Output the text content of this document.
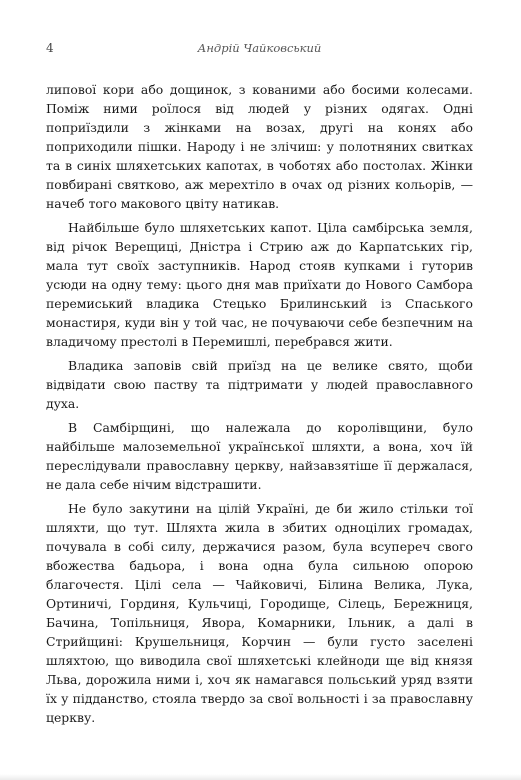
4	Андрій Чайковський

липової кори або дощинок, з кованими або босими колесами. Поміж ними роїлося від людей у різних одягах. Одні поприїздили з жінками на возах, другі на конях або поприходили пішки. Народу і не злічиш: у полотняних свитках та в синіх шляхетських капотах, в чоботях або постолах. Жінки повбирані святково, аж мерехтіло в очах од різних кольорів, — начеб того макового цвіту натикав.

Найбільше було шляхетських капот. Ціла самбірська земля, від річок Верещиці, Дністра і Стрию аж до Карпатських гір, мала тут своїх заступників. Народ стояв купками і гуторив усюди на одну тему: цього дня мав приїхати до Нового Самбора перемиський владика Стецько Брилинський із Спаського монастиря, куди він у той час, не почуваючи себе безпечним на владичому престолі в Перемишлі, перебрався жити.

Владика заповів свій приїзд на це велике свято, щоби відвідати свою паству та підтримати у людей православного духа.

В Самбірщині, що належала до королівщини, було найбільше малоземельної української шляхти, а вона, хоч їй переслідували православну церкву, найзавзятіше її держалася, не дала себе нічим відстрашити.

Не було закутини на цілій Україні, де би жило стільки тої шляхти, що тут. Шляхта жила в збитих одноцілих громадах, почувала в собі силу, держачися разом, була всупереч свого вбожества бадьора, і вона одна була сильною опорою благочестя. Цілі села — Чайковичі, Білина Велика, Лука, Ортиничі, Гординя, Кульчиці, Городище, Сілець, Бережниця, Бачина, Топільниця, Явора, Комарники, Ільник, а далі в Стрийщині: Крушельниця, Корчин — були густо заселені шляхтою, що виводила свої шляхетські клейноди ще від князя Льва, дорожила ними і, хоч як намагався польський уряд взяти їх у підданство, стояла твердо за свої вольності і за православну церкву.
